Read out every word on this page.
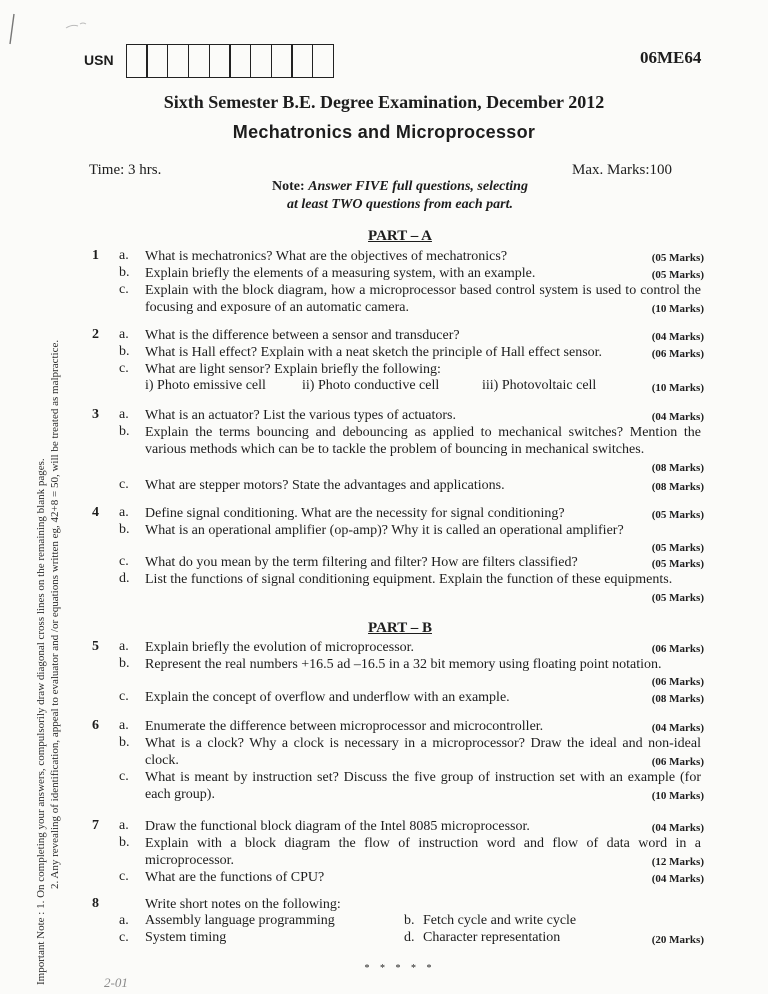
USN	06ME64
Sixth Semester B.E. Degree Examination, December 2012
Mechatronics and Microprocessor
Time: 3 hrs.	Max. Marks:100
Note: Answer FIVE full questions, selecting
at least TWO questions from each part.
Important Note : 1. On completing your answers, compulsorily draw diagonal cross lines on the remaining blank pages. 2. Any revealing of identification, appeal to evaluator and /or equations written eg, 42+8 = 50, will be treated as malpractice.
PART – A
1 a. What is mechatronics? What are the objectives of mechatronics?	(05 Marks)
b. Explain briefly the elements of a measuring system, with an example.	(05 Marks)
c. Explain with the block diagram, how a microprocessor based control system is used to control the focusing and exposure of an automatic camera.	(10 Marks)
2 a. What is the difference between a sensor and transducer?	(04 Marks)
b. What is Hall effect? Explain with a neat sketch the principle of Hall effect sensor.	(06 Marks)
c. What are light sensor? Explain briefly the following:
i) Photo emissive cell	ii) Photo conductive cell	iii) Photovoltaic cell	(10 Marks)
3 a. What is an actuator? List the various types of actuators.	(04 Marks)
b. Explain the terms bouncing and debouncing as applied to mechanical switches? Mention the various methods which can be to tackle the problem of bouncing in mechanical switches.
(08 Marks)
c. What are stepper motors? State the advantages and applications.	(08 Marks)
4 a. Define signal conditioning. What are the necessity for signal conditioning?	(05 Marks)
b. What is an operational amplifier (op-amp)? Why it is called an operational amplifier?
(05 Marks)
c. What do you mean by the term filtering and filter? How are filters classified?	(05 Marks)
d. List the functions of signal conditioning equipment. Explain the function of these equipments.
(05 Marks)
PART – B
5 a. Explain briefly the evolution of microprocessor.	(06 Marks)
b. Represent the real numbers +16.5 ad –16.5 in a 32 bit memory using floating point notation.
(06 Marks)
c. Explain the concept of overflow and underflow with an example.	(08 Marks)
6 a. Enumerate the difference between microprocessor and microcontroller.	(04 Marks)
b. What is a clock? Why a clock is necessary in a microprocessor? Draw the ideal and non-ideal clock.	(06 Marks)
c. What is meant by instruction set? Discuss the five group of instruction set with an example (for each group).	(10 Marks)
7 a. Draw the functional block diagram of the Intel 8085 microprocessor.	(04 Marks)
b. Explain with a block diagram the flow of instruction word and flow of data word in a microprocessor.	(12 Marks)
c. What are the functions of CPU?	(04 Marks)
8	Write short notes on the following:
a. Assembly language programming	b. Fetch cycle and write cycle
c. System timing	d. Character representation	(20 Marks)
* * * * *
2-01
